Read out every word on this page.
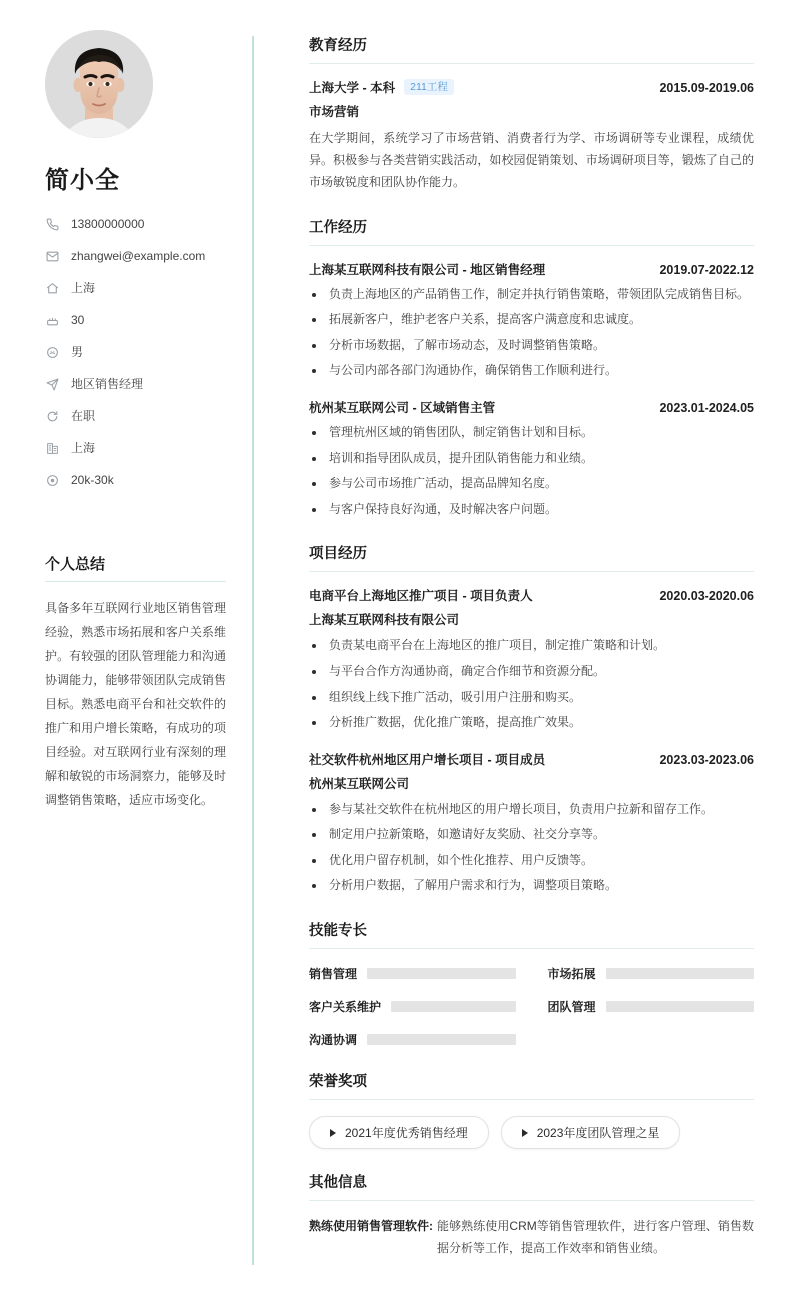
简小全
13800000000
zhangwei@example.com
上海
30
男
地区销售经理
在职
上海
20k-30k
个人总结

具备多年互联网行业地区销售管理经验，熟悉市场拓展和客户关系维护。有较强的团队管理能力和沟通协调能力，能够带领团队完成销售目标。熟悉电商平台和社交软件的推广和用户增长策略，有成功的项目经验。对互联网行业有深刻的理解和敏锐的市场洞察力，能够及时调整销售策略，适应市场变化。

教育经历
上海大学 - 本科	211工程	2015.09-2019.06
市场营销

在大学期间，系统学习了市场营销、消费者行为学、市场调研等专业课程，成绩优异。积极参与各类营销实践活动，如校园促销策划、市场调研项目等，锻炼了自己的市场敏锐度和团队协作能力。

工作经历
上海某互联网科技有限公司 - 地区销售经理	2019.07-2022.12
负责上海地区的产品销售工作，制定并执行销售策略，带领团队完成销售目标。
拓展新客户，维护老客户关系，提高客户满意度和忠诚度。
分析市场数据，了解市场动态，及时调整销售策略。
与公司内部各部门沟通协作，确保销售工作顺利进行。
杭州某互联网公司 - 区域销售主管	2023.01-2024.05
管理杭州区域的销售团队，制定销售计划和目标。
培训和指导团队成员，提升团队销售能力和业绩。
参与公司市场推广活动，提高品牌知名度。
与客户保持良好沟通，及时解决客户问题。
项目经历
电商平台上海地区推广项目 - 项目负责人	2020.03-2020.06
上海某互联网科技有限公司
负责某电商平台在上海地区的推广项目，制定推广策略和计划。
与平台合作方沟通协商，确定合作细节和资源分配。
组织线上线下推广活动，吸引用户注册和购买。
分析推广数据，优化推广策略，提高推广效果。
社交软件杭州地区用户增长项目 - 项目成员	2023.03-2023.06
杭州某互联网公司
参与某社交软件在杭州地区的用户增长项目，负责用户拉新和留存工作。
制定用户拉新策略，如邀请好友奖励、社交分享等。
优化用户留存机制，如个性化推荐、用户反馈等。
分析用户数据，了解用户需求和行为，调整项目策略。
技能专长
销售管理	市场拓展
客户关系维护	团队管理
沟通协调
荣誉奖项
2021年度优秀销售经理	2023年度团队管理之星
其他信息
熟练使用销售管理软件: 能够熟练使用CRM等销售管理软件，进行客户管理、销售数据分析等工作，提高工作效率和销售业绩。
